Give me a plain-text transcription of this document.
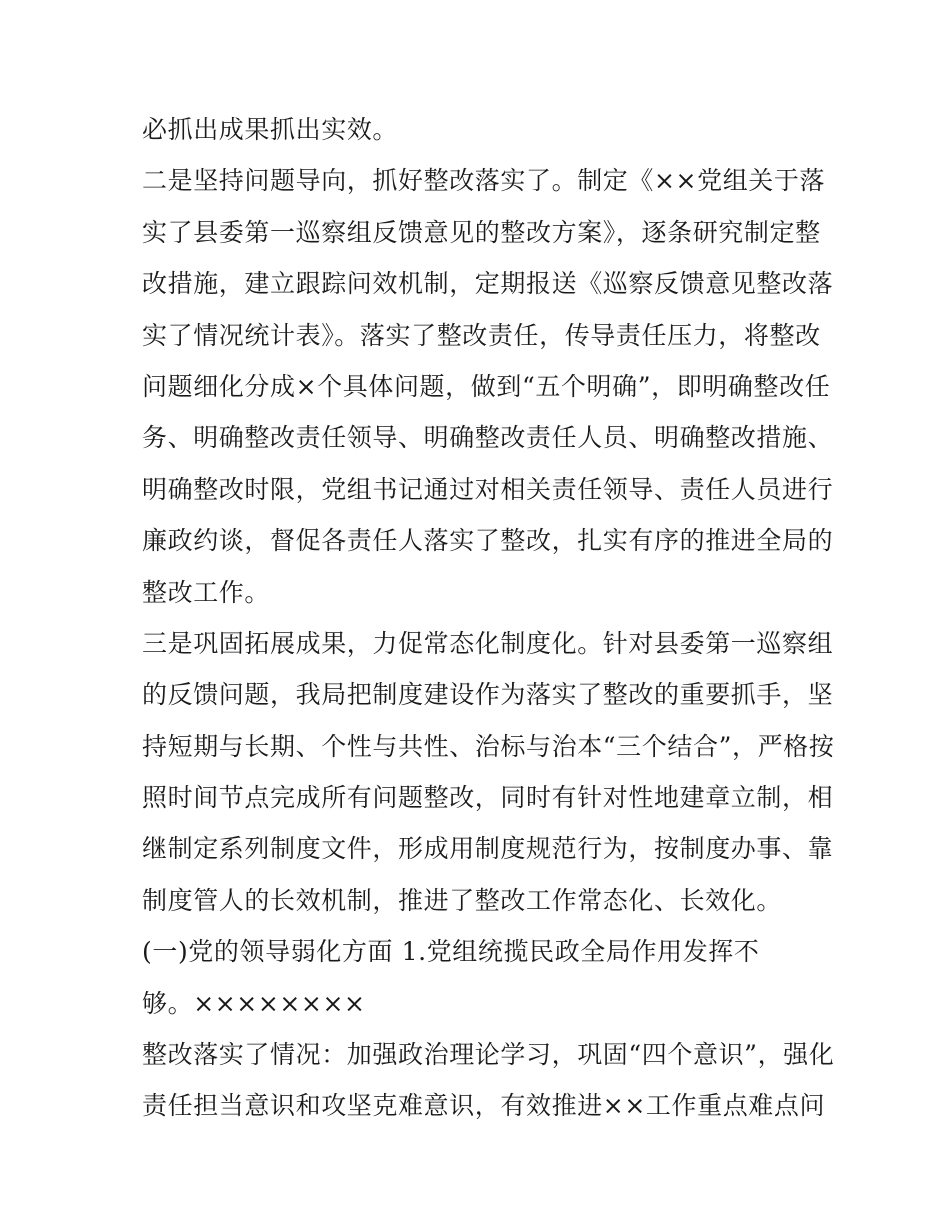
必抓出成果抓出实效。
二是坚持问题导向，抓好整改落实了。制定《××党组关于落
实了县委第一巡察组反馈意见的整改方案》，逐条研究制定整
改措施，建立跟踪问效机制，定期报送《巡察反馈意见整改落
实了情况统计表》。落实了整改责任，传导责任压力，将整改
问题细化分成×个具体问题，做到“五个明确”，即明确整改任
务、明确整改责任领导、明确整改责任人员、明确整改措施、
明确整改时限，党组书记通过对相关责任领导、责任人员进行
廉政约谈，督促各责任人落实了整改，扎实有序的推进全局的
整改工作。
三是巩固拓展成果，力促常态化制度化。针对县委第一巡察组
的反馈问题，我局把制度建设作为落实了整改的重要抓手，坚
持短期与长期、个性与共性、治标与治本“三个结合”，严格按
照时间节点完成所有问题整改，同时有针对性地建章立制，相
继制定系列制度文件，形成用制度规范行为，按制度办事、靠
制度管人的长效机制，推进了整改工作常态化、长效化。
(一)党的领导弱化方面 1.党组统揽民政全局作用发挥不
够。××××××××
整改落实了情况：加强政治理论学习，巩固“四个意识”，强化
责任担当意识和攻坚克难意识，有效推进××工作重点难点问
